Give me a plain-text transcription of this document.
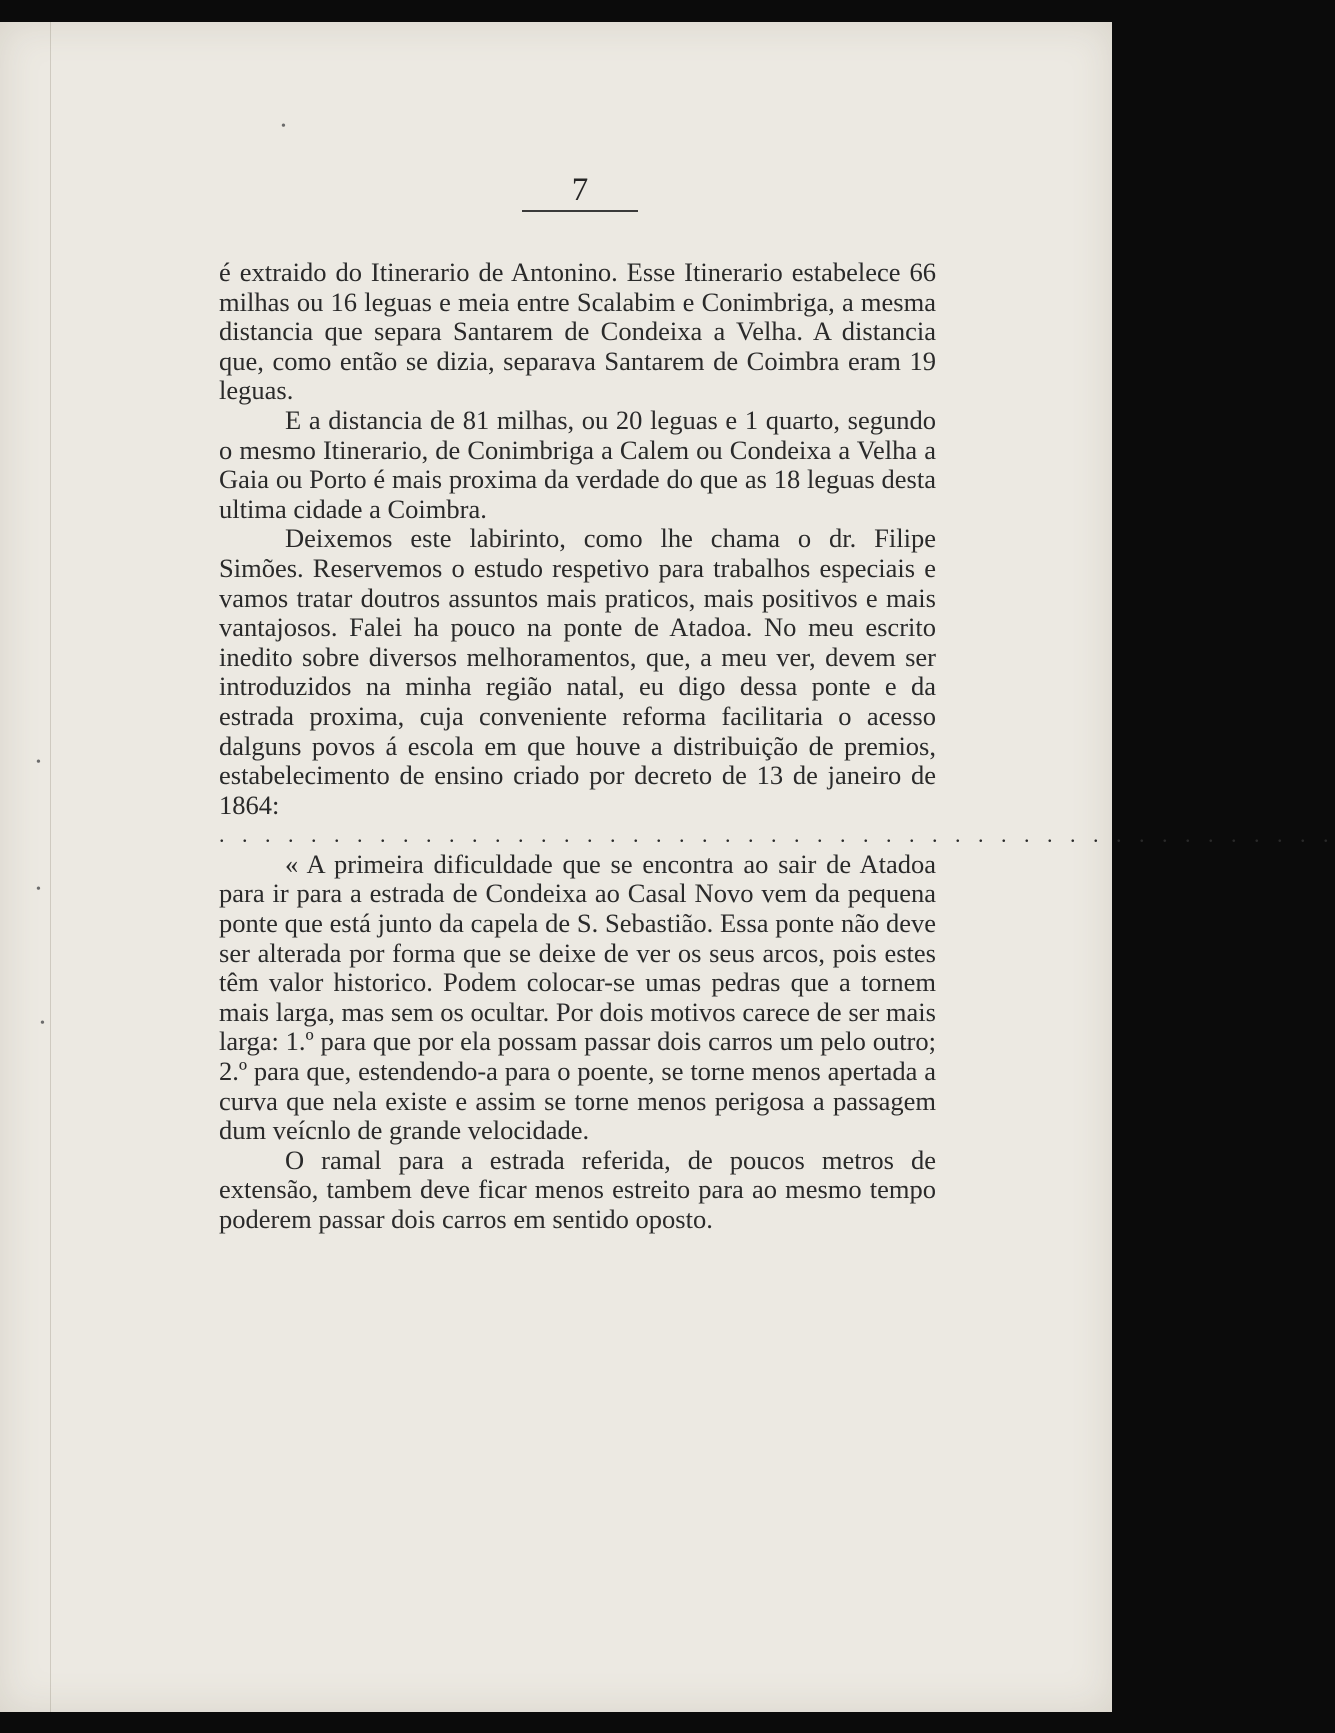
7
•
•
•
•

é extraido do Itinerario de Antonino. Esse Itinerario estabelece 66 milhas ou 16 leguas e meia entre Scalabim e Conimbriga, a mesma distancia que separa Santarem de Condeixa a Velha. A distancia que, como então se dizia, separava Santarem de Coimbra eram 19 leguas.

E a distancia de 81 milhas, ou 20 leguas e 1 quarto, segundo o mesmo Itinerario, de Conimbriga a Calem ou Condeixa a Velha a Gaia ou Porto é mais proxima da verdade do que as 18 leguas desta ultima cidade a Coimbra.

Deixemos este labirinto, como lhe chama o dr. Filipe Simões. Reservemos o estudo respetivo para trabalhos especiais e vamos tratar doutros assuntos mais praticos, mais positivos e mais vantajosos. Falei ha pouco na ponte de Atadoa. No meu escrito inedito sobre diversos melhoramentos, que, a meu ver, devem ser introduzidos na minha região natal, eu digo dessa ponte e da estrada proxima, cuja conveniente reforma facilitaria o acesso dalguns povos á escola em que houve a distribuição de premios, estabelecimento de ensino criado por decreto de 13 de janeiro de 1864:

. . . . . . . . . . . . . . . . . . . . . . . . . . . . . . . . . . . . . . . . . . . . . . . . .

« A primeira dificuldade que se encontra ao sair de Atadoa para ir para a estrada de Condeixa ao Casal Novo vem da pequena ponte que está junto da capela de S. Sebastião. Essa ponte não deve ser alterada por forma que se deixe de ver os seus arcos, pois estes têm valor historico. Podem colocar-se umas pedras que a tornem mais larga, mas sem os ocultar. Por dois motivos carece de ser mais larga: 1.º para que por ela possam passar dois carros um pelo outro; 2.º para que, estendendo-a para o poente, se torne menos apertada a curva que nela existe e assim se torne menos perigosa a passagem dum veícnlo de grande velocidade.

O ramal para a estrada referida, de poucos metros de extensão, tambem deve ficar menos estreito para ao mesmo tempo poderem passar dois carros em sentido oposto.
